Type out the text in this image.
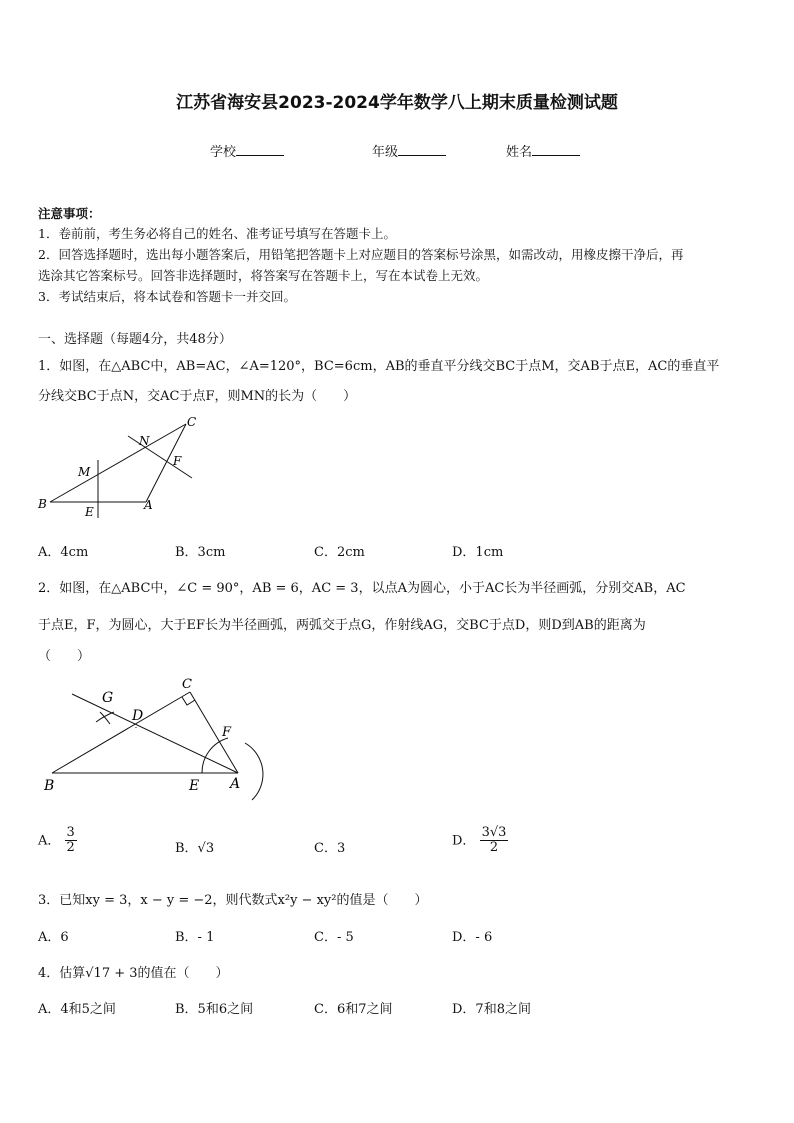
江苏省海安县2023-2024学年数学八上期末质量检测试题
学校	年级	姓名
注意事项：
1．卷前前，考生务必将自己的姓名、准考证号填写在答题卡上。
2．回答选择题时，选出每小题答案后，用铅笔把答题卡上对应题目的答案标号涂黑，如需改动，用橡皮擦干净后，再
选涂其它答案标号。回答非选择题时，将答案写在答题卡上，写在本试卷上无效。
3．考试结束后，将本试卷和答题卡一并交回。
一、选择题（每题4分，共48分）
1．如图，在△ABC中，AB=AC，∠A=120°，BC=6cm，AB的垂直平分线交BC于点M，交AB于点E，AC的垂直平
分线交BC于点N，交AC于点F，则MN的长为（　　）
C
N
F
M
B
E	A
A．4cm	B．3cm	C．2cm	D．1cm
2．如图，在△ABC中，∠C = 90°，AB = 6，AC = 3，以点A为圆心，小于AC长为半径画弧，分别交AB，AC
于点E，F，为圆心，大于EF长为半径画弧，两弧交于点G，作射线AG，交BC于点D，则D到AB的距离为
（　　）
G
C
D
F
B	E A
A． $\frac{3}{2}$	B．√3	C．3
D． $\frac{3√3}{2}$
3．已知xy = 3，x − y = −2，则代数式x²y − xy²的值是（　　）
A．6	B．- 1	C．- 5	D．- 6
4．估算√17 + 3的值在（　　）
A．4和5之间	B．5和6之间	C．6和7之间	D．7和8之间
